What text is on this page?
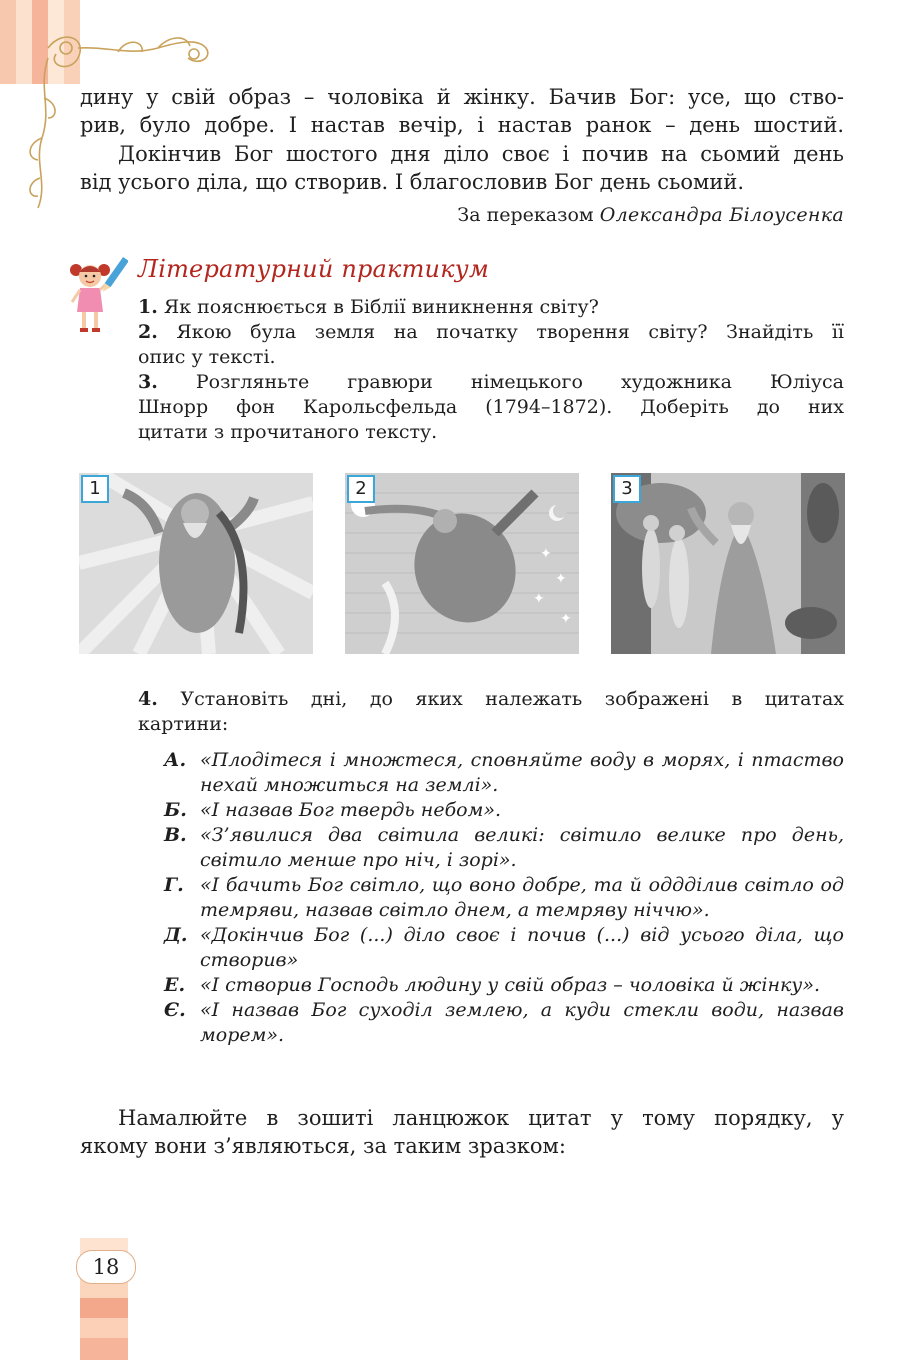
дину у свій образ – чоловіка й жінку. Бачив Бог: усе, що ство-
рив, було добре. І настав вечір, і настав ранок – день шостий.
Докінчив Бог шостого дня діло своє і почив на сьомий день
від усього діла, що створив. І благословив Бог день сьомий.
За переказом Олександра Білоусенка
Літературний практикум

1. Як пояснюється в Біблії виникнення світу?

2. Якою була земля на початку творення світу? Знайдіть її

опис у тексті.

3. Розгляньте гравюри німецького художника Юліуса

Шнорр фон Карольсфельда (1794–1872). Доберіть до них

цитати з прочитаного тексту.

1
✦
✦
✦
✦
2	3

4. Установіть дні, до яких належать зображені в цитатах

картини:

А. «Плодітеся і множтеся, сповняйте воду в морях, і птаство нехай множиться на землі».

Б. «І назвав Бог твердь небом».

В. «З’явилися два світила великі: світило велике про день, світило менше про ніч, і зорі».

Г. «І бачить Бог світло, що воно добре, та й оддділив світло од темряви, назвав світло днем, а темряву ніччю».

Д. «Докінчив Бог (...) діло своє і почив (...) від усього діла, що створив»

Е. «І створив Господь людину у свій образ – чоловіка й жінку».

Є. «І назвав Бог суходіл землею, а куди стекли води, назвав морем».

Намалюйте в зошиті ланцюжок цитат у тому порядку, у

якому вони з’являються, за таким зразком:

18
